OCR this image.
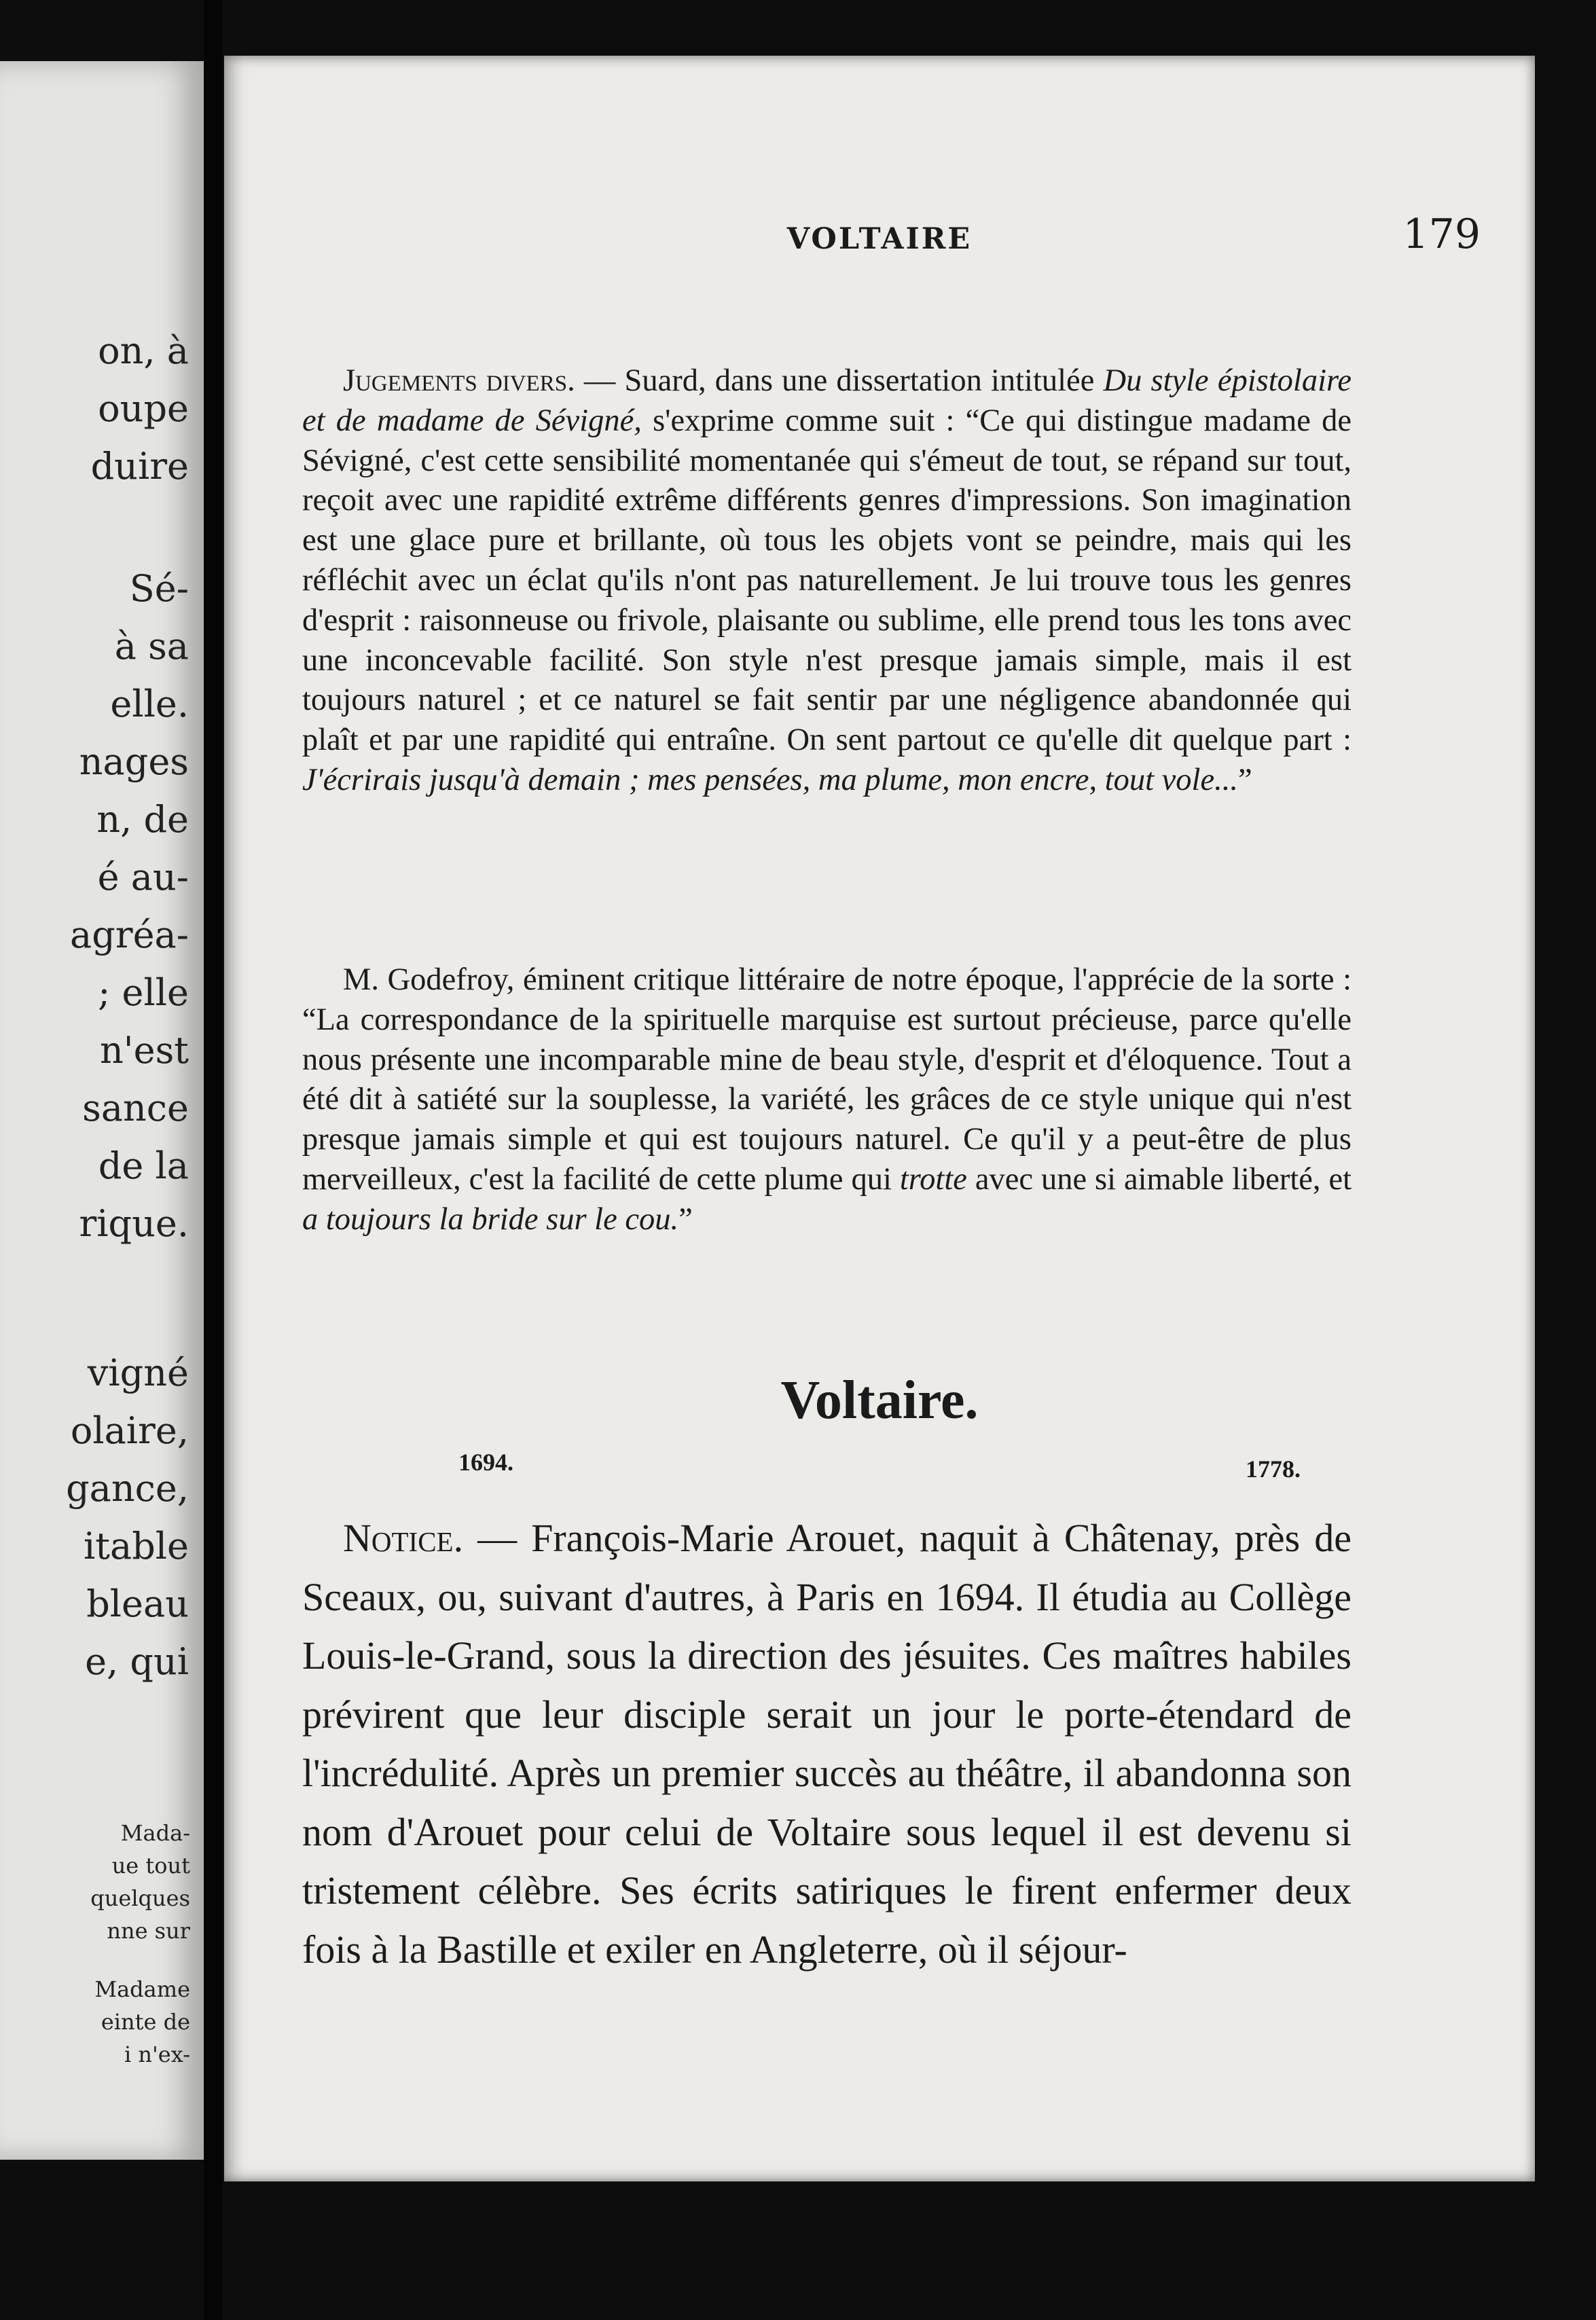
on, à
oupe
duire
Sé-
à sa
elle.
nages
n, de
é au-
agréa-
; elle
n'est
sance
de la
rique.
vigné
olaire,
gance,
itable
bleau
e, qui
Mada-
ue tout
quelques
nne sur
Madame
einte de
i n'ex-
VOLTAIRE	179
Jugements divers. — Suard, dans une dissertation intitulée Du style épistolaire et de madame de Sévigné, s'exprime comme suit : “Ce qui distingue madame de Sévigné, c'est cette sensibilité momentanée qui s'émeut de tout, se répand sur tout, reçoit avec une rapidité extrême différents genres d'impressions. Son imagination est une glace pure et brillante, où tous les objets vont se peindre, mais qui les réfléchit avec un éclat qu'ils n'ont pas naturellement. Je lui trouve tous les genres d'esprit : raisonneuse ou frivole, plaisante ou sublime, elle prend tous les tons avec une inconcevable facilité. Son style n'est presque jamais simple, mais il est toujours naturel ; et ce naturel se fait sentir par une négligence abandonnée qui plaît et par une rapidité qui entraîne. On sent partout ce qu'elle dit quelque part : J'écrirais jusqu'à demain ; mes pensées, ma plume, mon encre, tout vole...”
M. Godefroy, éminent critique littéraire de notre époque, l'apprécie de la sorte : “La correspondance de la spirituelle marquise est surtout précieuse, parce qu'elle nous présente une incomparable mine de beau style, d'esprit et d'éloquence. Tout a été dit à satiété sur la souplesse, la variété, les grâces de ce style unique qui n'est presque jamais simple et qui est toujours naturel. Ce qu'il y a peut-être de plus merveilleux, c'est la facilité de cette plume qui trotte avec une si aimable liberté, et a toujours la bride sur le cou.”
Voltaire.
1694.	1778.
Notice. — François-Marie Arouet, naquit à Châtenay, près de Sceaux, ou, suivant d'autres, à Paris en 1694. Il étudia au Collège Louis-le-Grand, sous la direction des jésuites. Ces maîtres habiles prévirent que leur disciple serait un jour le porte-étendard de l'incrédulité. Après un premier succès au théâtre, il abandonna son nom d'Arouet pour celui de Voltaire sous lequel il est devenu si tristement célèbre. Ses écrits satiriques le firent enfermer deux fois à la Bastille et exiler en Angleterre, où il séjour-
